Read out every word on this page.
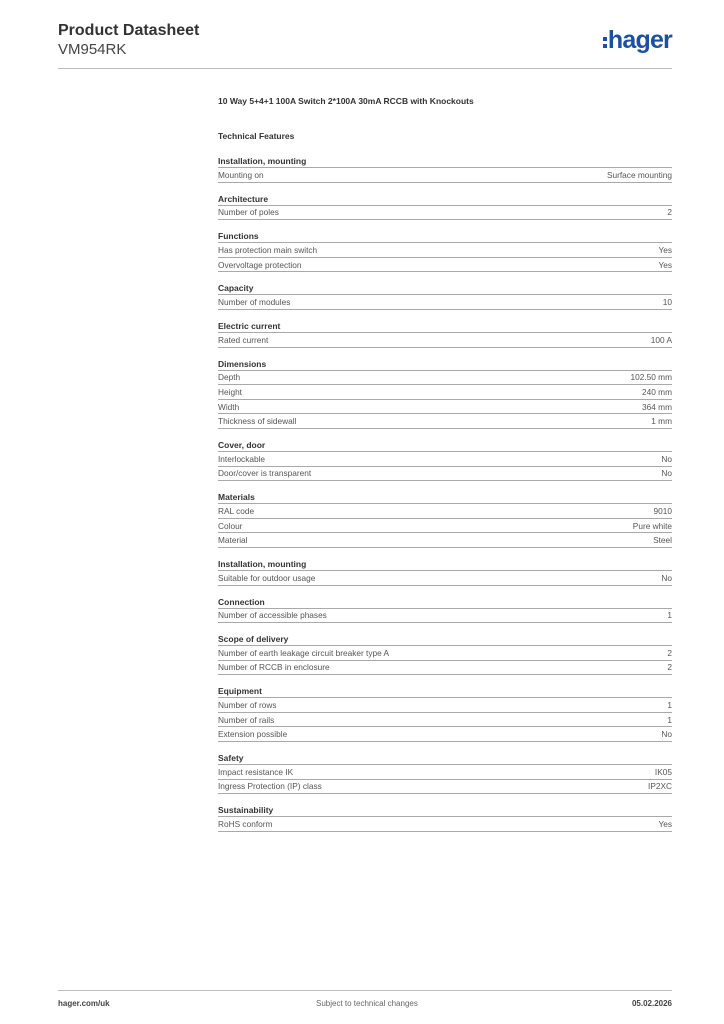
Product Datasheet
VM954RK	hager
10 Way 5+4+1 100A Switch 2*100A 30mA RCCB with Knockouts
Technical Features
Installation, mounting
Mounting on	Surface mounting
Architecture
Number of poles	2
Functions
Has protection main switch	Yes
Overvoltage protection	Yes
Capacity
Number of modules	10
Electric current
Rated current	100 A
Dimensions
Depth	102.50 mm
Height	240 mm
Width	364 mm
Thickness of sidewall	1 mm
Cover, door
Interlockable	No
Door/cover is transparent	No
Materials
RAL code	9010
Colour	Pure white
Material	Steel
Installation, mounting
Suitable for outdoor usage	No
Connection
Number of accessible phases	1
Scope of delivery
Number of earth leakage circuit breaker type A	2
Number of RCCB in enclosure	2
Equipment
Number of rows	1
Number of rails	1
Extension possible	No
Safety
Impact resistance IK	IK05
Ingress Protection (IP) class	IP2XC
Sustainability
RoHS conform	Yes
hager.com/uk	Subject to technical changes	05.02.2026
